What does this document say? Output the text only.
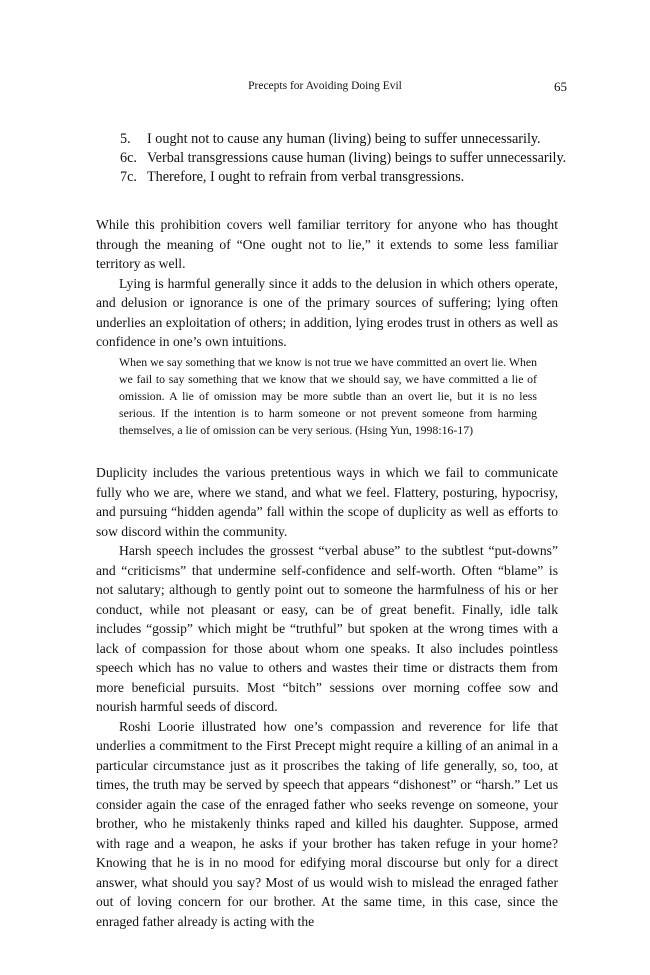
Precepts for Avoiding Doing Evil	65
5. I ought not to cause any human (living) being to suffer unnecessarily.
6c. Verbal transgressions cause human (living) beings to suffer unnecessarily.
7c. Therefore, I ought to refrain from verbal transgressions.

While this prohibition covers well familiar territory for anyone who has thought through the meaning of “One ought not to lie,” it extends to some less familiar territory as well.

Lying is harmful generally since it adds to the delusion in which others operate, and delusion or ignorance is one of the primary sources of suffering; lying often underlies an exploitation of others; in addition, lying erodes trust in others as well as confidence in one’s own intuitions.

When we say something that we know is not true we have committed an overt lie. When we fail to say something that we know that we should say, we have committed a lie of omission. A lie of omission may be more subtle than an overt lie, but it is no less serious. If the intention is to harm someone or not prevent someone from harming themselves, a lie of omission can be very serious. (Hsing Yun, 1998:16-17)

Duplicity includes the various pretentious ways in which we fail to communicate fully who we are, where we stand, and what we feel. Flattery, posturing, hypocrisy, and pursuing “hidden agenda” fall within the scope of duplicity as well as efforts to sow discord within the community.

Harsh speech includes the grossest “verbal abuse” to the subtlest “put-downs” and “criticisms” that undermine self-confidence and self-worth. Often “blame” is not salutary; although to gently point out to someone the harmfulness of his or her conduct, while not pleasant or easy, can be of great benefit. Finally, idle talk includes “gossip” which might be “truthful” but spoken at the wrong times with a lack of compassion for those about whom one speaks. It also includes pointless speech which has no value to others and wastes their time or distracts them from more beneficial pursuits. Most “bitch” sessions over morning coffee sow and nourish harmful seeds of discord.

Roshi Loorie illustrated how one’s compassion and reverence for life that underlies a commitment to the First Precept might require a killing of an animal in a particular circumstance just as it proscribes the taking of life generally, so, too, at times, the truth may be served by speech that appears “dishonest” or “harsh.” Let us consider again the case of the enraged father who seeks revenge on someone, your brother, who he mistakenly thinks raped and killed his daughter. Suppose, armed with rage and a weapon, he asks if your brother has taken refuge in your home? Knowing that he is in no mood for edifying moral discourse but only for a direct answer, what should you say? Most of us would wish to mislead the enraged father out of loving concern for our brother. At the same time, in this case, since the enraged father already is acting with the
